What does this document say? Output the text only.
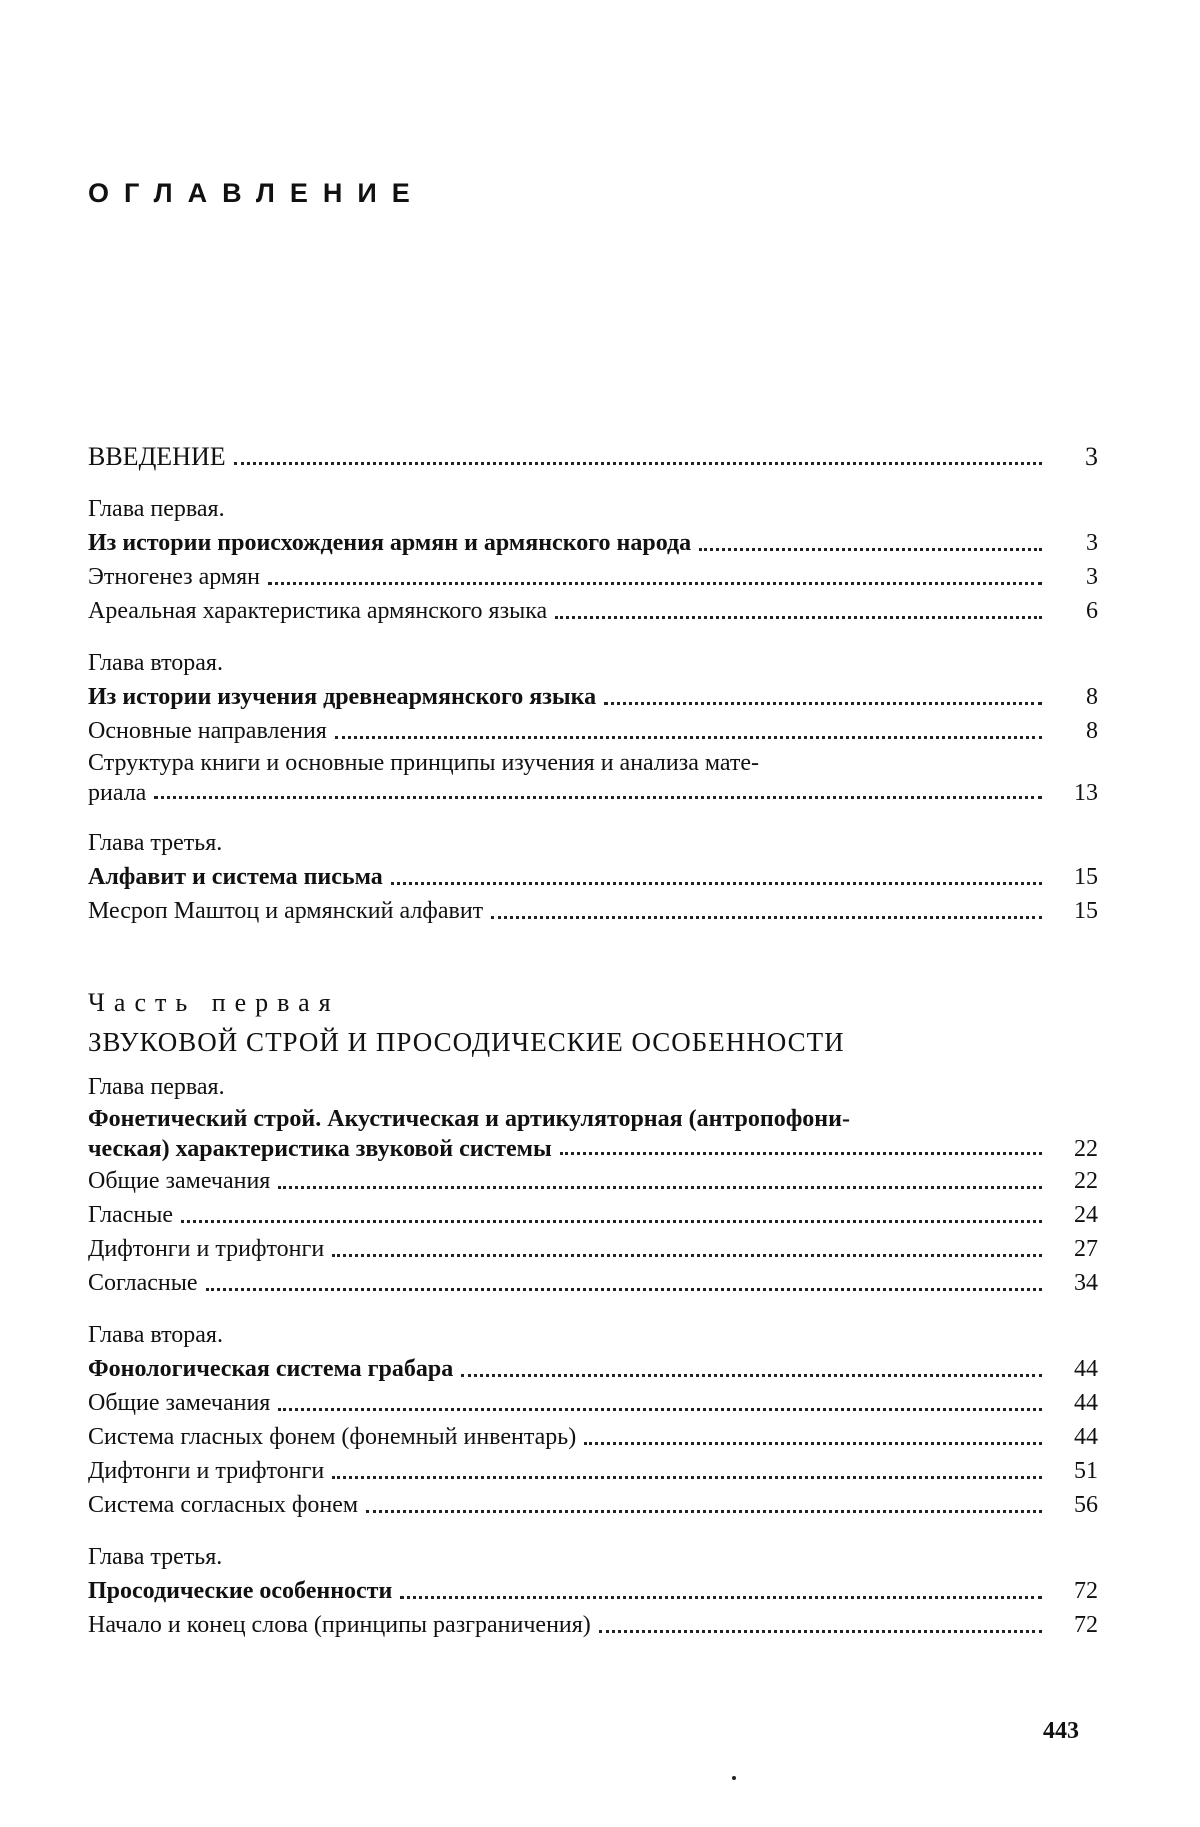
ОГЛАВЛЕНИЕ
ВВЕДЕНИЕ	3
Глава первая.
Из истории происхождения армян и армянского народа	3
Этногенез армян	3
Ареальная характеристика армянского языка	6
Глава вторая.
Из истории изучения древнеармянского языка	8
Основные направления	8
Структура книги и основные принципы изучения и анализа мате-
риала	13
Глава третья.
Алфавит и система письма	15
Месроп Маштоц и армянский алфавит	15
Часть первая
ЗВУКОВОЙ СТРОЙ И ПРОСОДИЧЕСКИЕ ОСОБЕННОСТИ
Глава первая.
Фонетический строй. Акустическая и артикуляторная (антропофони-
ческая) характеристика звуковой системы	22
Общие замечания	22
Гласные	24
Дифтонги и трифтонги	27
Согласные	34
Глава вторая.
Фонологическая система грабара	44
Общие замечания	44
Система гласных фонем (фонемный инвентарь)	44
Дифтонги и трифтонги	51
Система согласных фонем	56
Глава третья.
Просодические особенности	72
Начало и конец слова (принципы разграничения)	72
443
